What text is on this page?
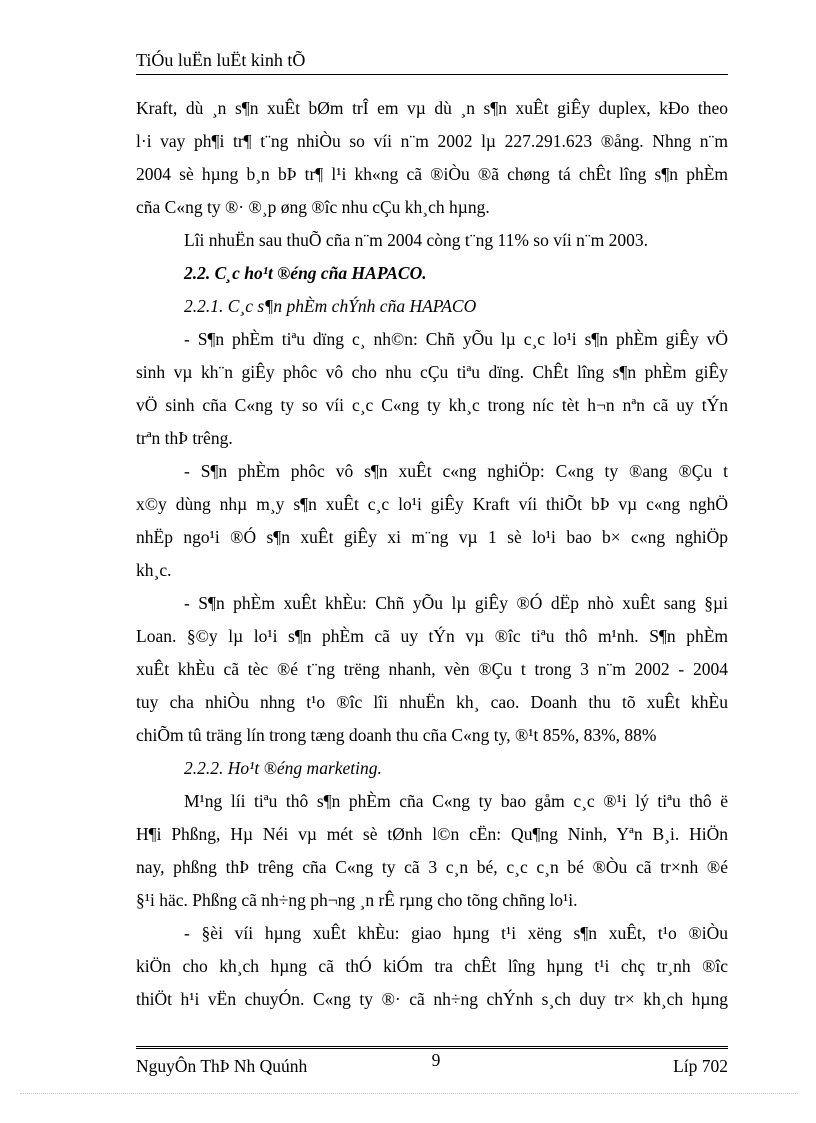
TiÓu luËn luËt kinh tÕ
Kraft, dù ¸n s¶n xuÊt bØm trÎ em vµ dù ¸n s¶n xuÊt giÊy duplex, kÐo theo
l·i vay ph¶i tr¶ t¨ng nhiÒu so víi n¨m 2002 lµ 227.291.623 ®ång. Nhng n¨m
2004 sè hµng b¸n bÞ tr¶ l¹i kh«ng cã ®iÒu ®ã chøng tá chÊt lîng s¶n phÈm
cña C«ng ty ®· ®¸p øng ®îc nhu cÇu kh¸ch hµng.
Lîi nhuËn sau thuÕ cña n¨m 2004 còng t¨ng 11% so víi n¨m 2003.
2.2. C¸c ho¹t ®éng cña HAPACO.
2.2.1. C¸c s¶n phÈm chÝnh cña HAPACO
- S¶n phÈm tiªu dïng c¸ nh©n: Chñ yÕu lµ c¸c lo¹i s¶n phÈm giÊy vÖ
sinh vµ kh¨n giÊy phôc vô cho nhu cÇu tiªu dïng. ChÊt lîng s¶n phÈm giÊy
vÖ sinh cña C«ng ty so víi c¸c C«ng ty kh¸c trong níc tèt h¬n nªn cã uy tÝn
trªn thÞ trêng.
- S¶n phÈm phôc vô s¶n xuÊt c«ng nghiÖp: C«ng ty ®ang ®Çu t
x©y dùng nhµ m¸y s¶n xuÊt c¸c lo¹i giÊy Kraft víi thiÕt bÞ vµ c«ng nghÖ
nhËp ngo¹i ®Ó s¶n xuÊt giÊy xi m¨ng vµ 1 sè lo¹i bao b× c«ng nghiÖp
kh¸c.
- S¶n phÈm xuÊt khÈu: Chñ yÕu lµ giÊy ®Ó dËp nhò xuÊt sang §µi
Loan. §©y lµ lo¹i s¶n phÈm cã uy tÝn vµ ®îc tiªu thô m¹nh. S¶n phÈm
xuÊt khÈu cã tèc ®é t¨ng trëng nhanh, vèn ®Çu t trong 3 n¨m 2002 - 2004
tuy cha nhiÒu nhng t¹o ®îc lîi nhuËn kh¸ cao. Doanh thu tõ xuÊt khÈu
chiÕm tû träng lín trong tæng doanh thu cña C«ng ty, ®¹t 85%, 83%, 88%
2.2.2. Ho¹t ®éng marketing.
M¹ng líi tiªu thô s¶n phÈm cña C«ng ty bao gåm c¸c ®¹i lý tiªu thô ë
H¶i Phßng, Hµ Néi vµ mét sè tØnh l©n cËn: Qu¶ng Ninh, Yªn B¸i. HiÖn
nay, phßng thÞ trêng cña C«ng ty cã 3 c¸n bé, c¸c c¸n bé ®Òu cã tr×nh ®é
§¹i häc. Phßng cã nh÷ng ph¬ng ¸n rÊ rµng cho tõng chñng lo¹i.
- §èi víi hµng xuÊt khÈu: giao hµng t¹i xëng s¶n xuÊt, t¹o ®iÒu
kiÖn cho kh¸ch hµng cã thÓ kiÓm tra chÊt lîng hµng t¹i chç tr¸nh ®îc
thiÖt h¹i vËn chuyÓn. C«ng ty ®· cã nh÷ng chÝnh s¸ch duy tr× kh¸ch hµng
NguyÔn ThÞ Nh Quúnh	9	Líp 702
